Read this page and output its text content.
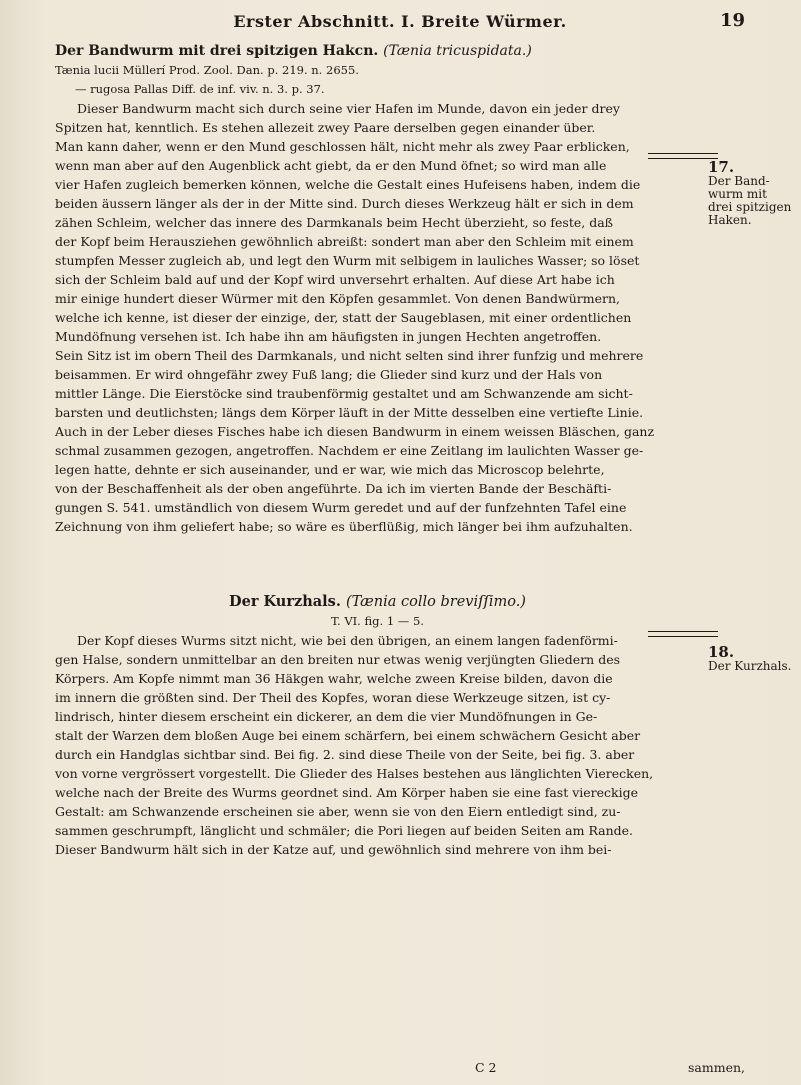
Erster Abschnitt. I. Breite Würmer.	19
Der Bandwurm mit drei spitzigen Hakcn. (Tænia tricuspidata.)
Tænia lucii Müllerí Prod. Zool. Dan. p. 219. n. 2655.
— rugosa Pallas Diff. de inf. viv. n. 3. p. 37.
Dieser Bandwurm macht sich durch seine vier Hafen im Munde, davon ein jeder drey
Spitzen hat, kenntlich. Es stehen allezeit zwey Paare derselben gegen einander über.
Man kann daher, wenn er den Mund geschlossen hält, nicht mehr als zwey Paar erblicken,
wenn man aber auf den Augenblick acht giebt, da er den Mund öfnet; so wird man alle
vier Hafen zugleich bemerken können, welche die Gestalt eines Hufeisens haben, indem die
beiden äussern länger als der in der Mitte sind. Durch dieses Werkzeug hält er sich in dem
zähen Schleim, welcher das innere des Darmkanals beim Hecht überzieht, so feste, daß
der Kopf beim Herausziehen gewöhnlich abreißt: sondert man aber den Schleim mit einem
stumpfen Messer zugleich ab, und legt den Wurm mit selbigem in lauliches Wasser; so löset
sich der Schleim bald auf und der Kopf wird unversehrt erhalten. Auf diese Art habe ich
mir einige hundert dieser Würmer mit den Köpfen gesammlet. Von denen Bandwürmern,
welche ich kenne, ist dieser der einzige, der, statt der Saugeblasen, mit einer ordentlichen
Mundöfnung versehen ist. Ich habe ihn am häufigsten in jungen Hechten angetroffen.
Sein Sitz ist im obern Theil des Darmkanals, und nicht selten sind ihrer funfzig und mehrere
beisammen. Er wird ohngefähr zwey Fuß lang; die Glieder sind kurz und der Hals von
mittler Länge. Die Eierstöcke sind traubenförmig gestaltet und am Schwanzende am sicht-
barsten und deutlichsten; längs dem Körper läuft in der Mitte desselben eine vertiefte Linie.
Auch in der Leber dieses Fisches habe ich diesen Bandwurm in einem weissen Bläschen, ganz
schmal zusammen gezogen, angetroffen. Nachdem er eine Zeitlang im laulichten Wasser ge-
legen hatte, dehnte er sich auseinander, und er war, wie mich das Microscop belehrte,
von der Beschaffenheit als der oben angeführte. Da ich im vierten Bande der Beschäfti-
gungen S. 541. umständlich von diesem Wurm geredet und auf der funfzehnten Tafel eine
Zeichnung von ihm geliefert habe; so wäre es überflüßig, mich länger bei ihm aufzuhalten.
17.
Der Band-
wurm mit
drei spitzigen
Haken.
Der Kurzhals. (Tænia collo breviſſimo.)
T. VI. fig. 1 — 5.
Der Kopf dieses Wurms sitzt nicht, wie bei den übrigen, an einem langen fadenförmi-
gen Halse, sondern unmittelbar an den breiten nur etwas wenig verjüngten Gliedern des
Körpers. Am Kopfe nimmt man 36 Häkgen wahr, welche zween Kreise bilden, davon die
im innern die größten sind. Der Theil des Kopfes, woran diese Werkzeuge sitzen, ist cy-
lindrisch, hinter diesem erscheint ein dickerer, an dem die vier Mundöfnungen in Ge-
stalt der Warzen dem bloßen Auge bei einem schärfern, bei einem schwächern Gesicht aber
durch ein Handglas sichtbar sind. Bei fig. 2. sind diese Theile von der Seite, bei fig. 3. aber
von vorne vergrössert vorgestellt. Die Glieder des Halses bestehen aus länglichten Vierecken,
welche nach der Breite des Wurms geordnet sind. Am Körper haben sie eine fast viereckige
Gestalt: am Schwanzende erscheinen sie aber, wenn sie von den Eiern entledigt sind, zu-
sammen geschrumpft, länglicht und schmäler; die Pori liegen auf beiden Seiten am Rande.
Dieser Bandwurm hält sich in der Katze auf, und gewöhnlich sind mehrere von ihm bei-
18.
Der Kurzhals.
C 2	sammen,
